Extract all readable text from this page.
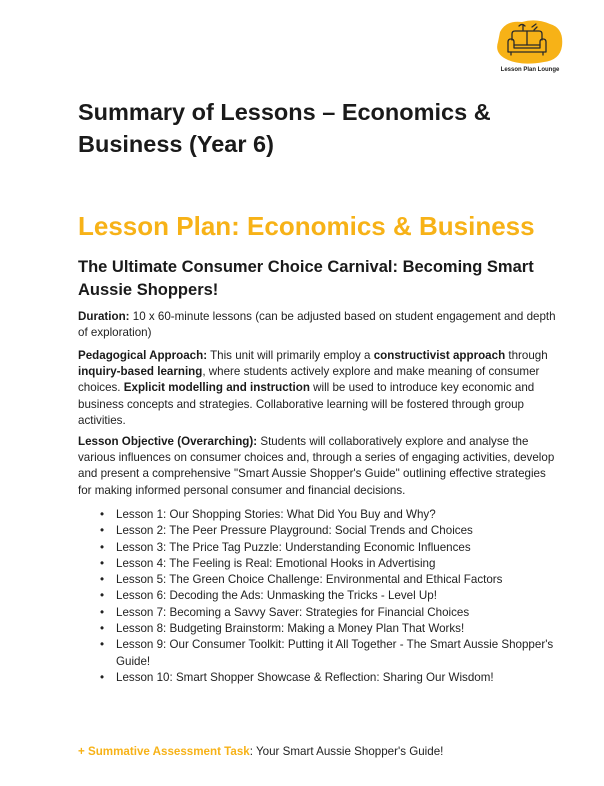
Lesson Plan Lounge
Summary of Lessons – Economics & Business (Year 6)
Lesson Plan: Economics & Business
The Ultimate Consumer Choice Carnival: Becoming Smart Aussie Shoppers!

Duration: 10 x 60-minute lessons (can be adjusted based on student engagement and depth of exploration)

Pedagogical Approach: This unit will primarily employ a constructivist approach through inquiry-based learning, where students actively explore and make meaning of consumer choices. Explicit modelling and instruction will be used to introduce key economic and business concepts and strategies. Collaborative learning will be fostered through group activities.

Lesson Objective (Overarching): Students will collaboratively explore and analyse the various influences on consumer choices and, through a series of engaging activities, develop and present a comprehensive "Smart Aussie Shopper's Guide" outlining effective strategies for making informed personal consumer and financial decisions.

• Lesson 1: Our Shopping Stories: What Did You Buy and Why?
• Lesson 2: The Peer Pressure Playground: Social Trends and Choices
• Lesson 3: The Price Tag Puzzle: Understanding Economic Influences
• Lesson 4: The Feeling is Real: Emotional Hooks in Advertising
• Lesson 5: The Green Choice Challenge: Environmental and Ethical Factors
• Lesson 6: Decoding the Ads: Unmasking the Tricks - Level Up!
• Lesson 7: Becoming a Savvy Saver: Strategies for Financial Choices
• Lesson 8: Budgeting Brainstorm: Making a Money Plan That Works!
• Lesson 9: Our Consumer Toolkit: Putting it All Together - The Smart Aussie Shopper's Guide!
• Lesson 10: Smart Shopper Showcase & Reflection: Sharing Our Wisdom!

+ Summative Assessment Task: Your Smart Aussie Shopper's Guide!
